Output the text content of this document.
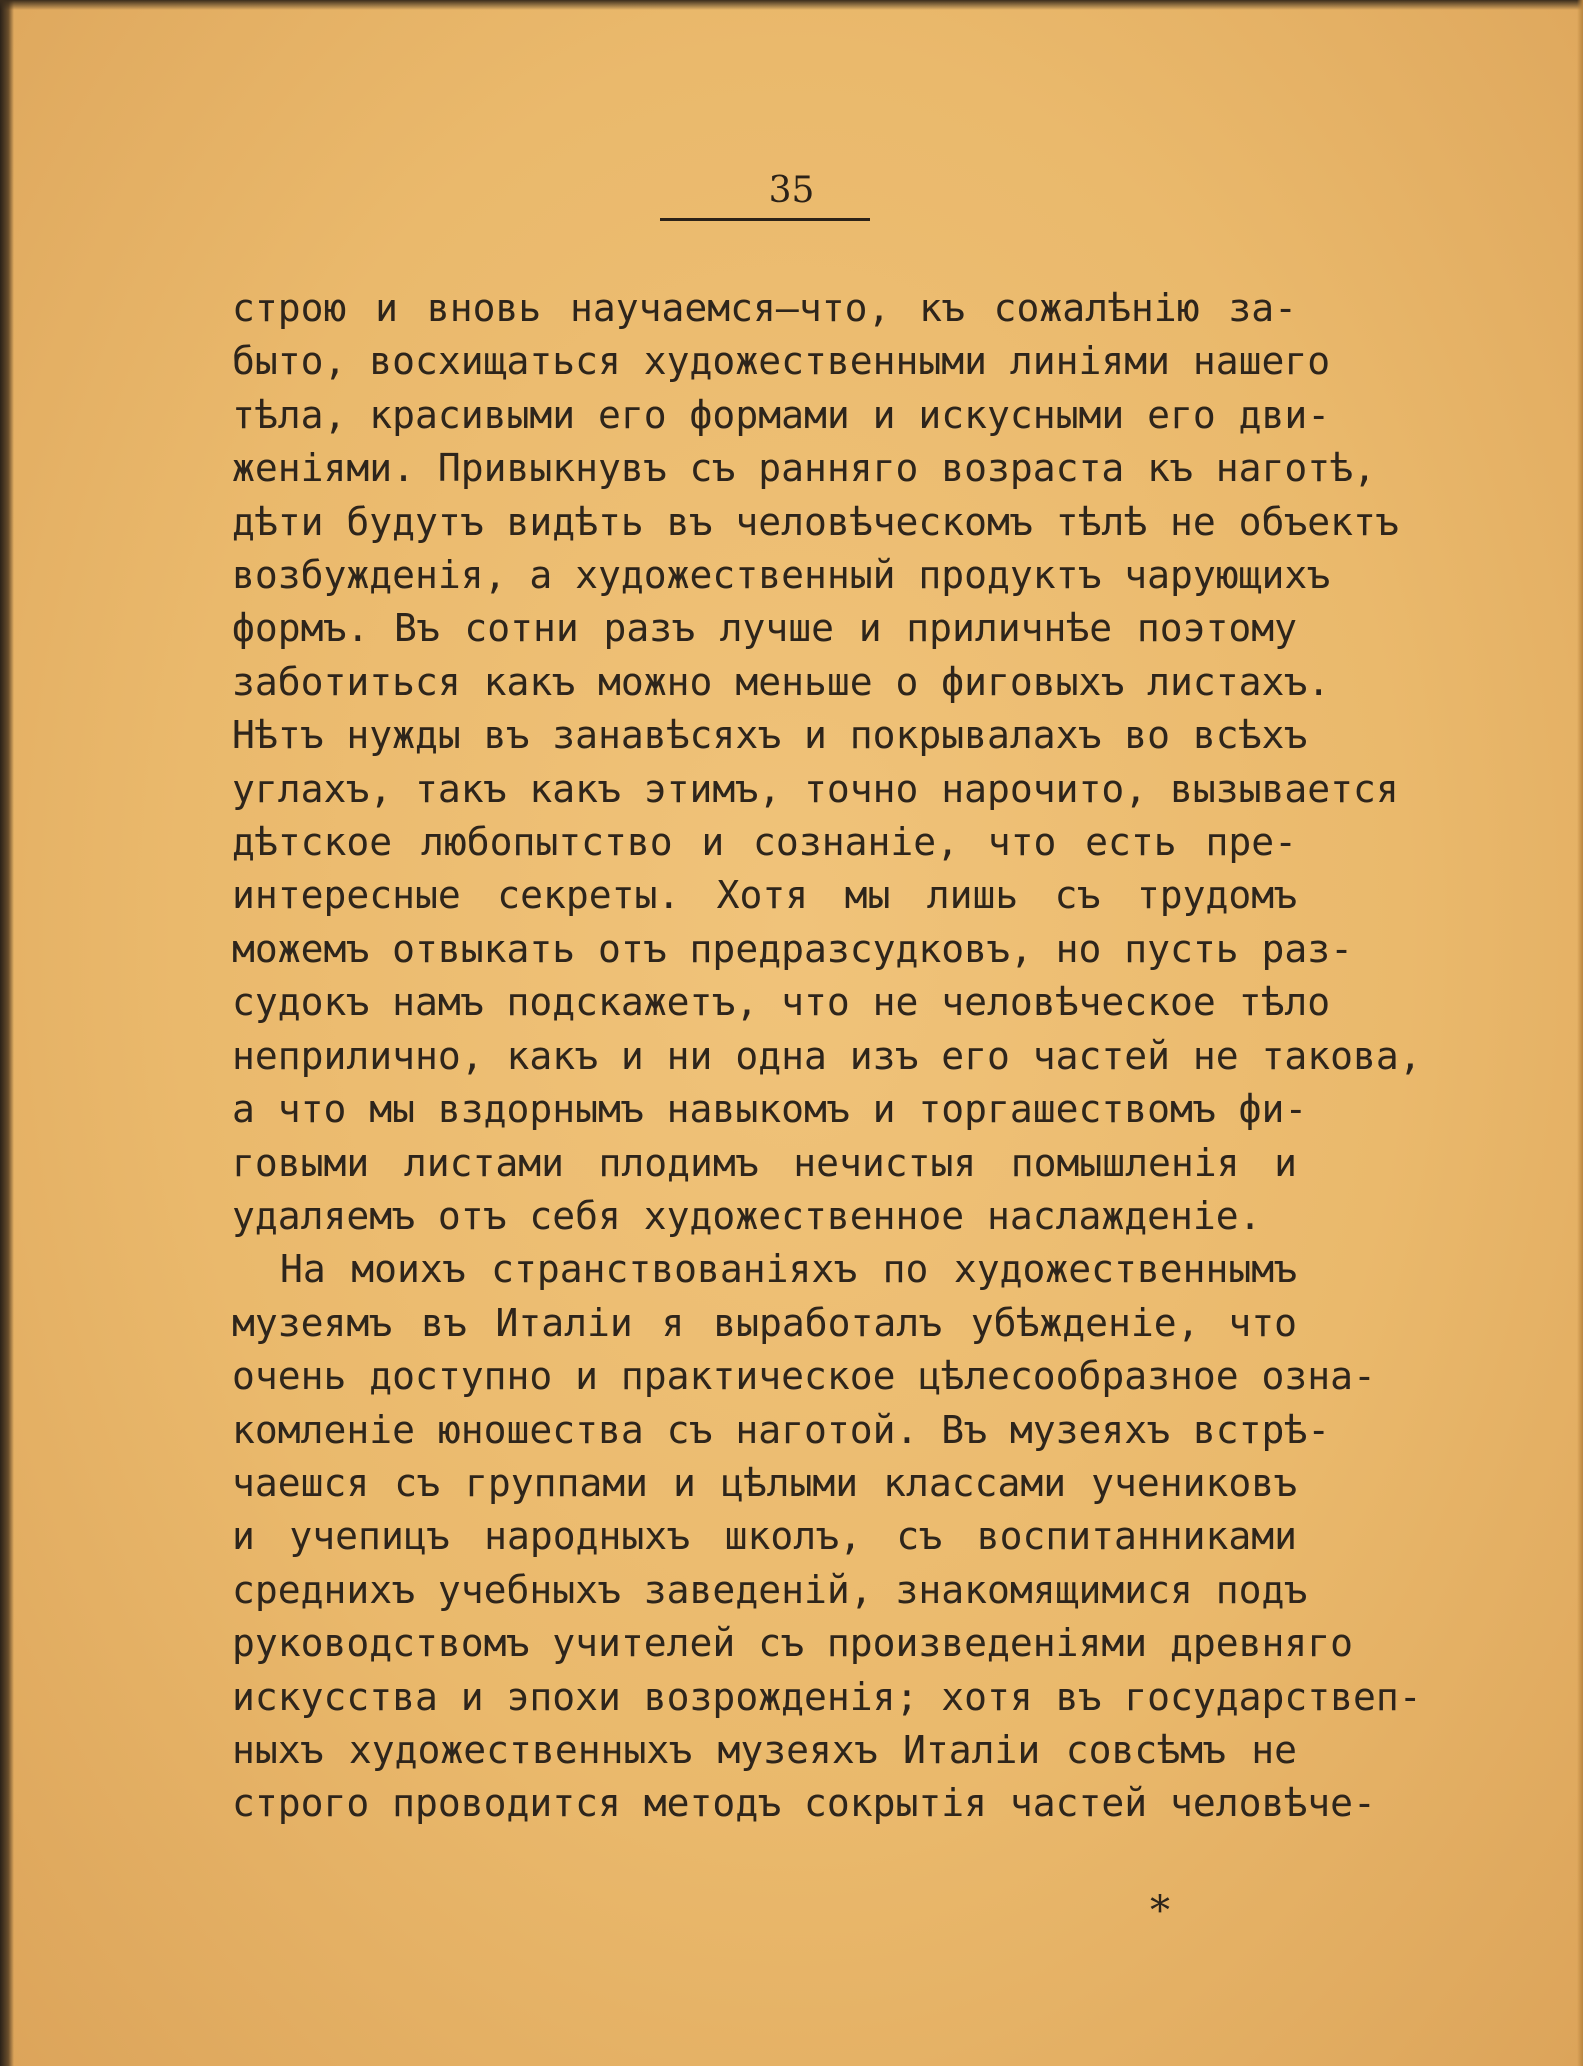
35
строю и вновь научаемся—что, къ сожалѣнію за-
быто, восхищаться художественными линіями нашего
тѣла, красивыми его формами и искусными его дви-
женіями. Привыкнувъ съ ранняго возраста къ наготѣ,
дѣти будутъ видѣть въ человѣческомъ тѣлѣ не объектъ
возбужденія, а художественный продуктъ чарующихъ
формъ. Въ сотни разъ лучше и приличнѣе поэтому
заботиться какъ можно меньше о фиговыхъ листахъ.
Нѣтъ нужды въ занавѣсяхъ и покрывалахъ во всѣхъ
углахъ, такъ какъ этимъ, точно нарочито, вызывается
дѣтское любопытство и сознаніе, что есть пре-
интересные секреты. Хотя мы лишь съ трудомъ
можемъ отвыкать отъ предразсудковъ, но пусть раз-
судокъ намъ подскажетъ, что не человѣческое тѣло
неприлично, какъ и ни одна изъ его частей не такова,
а что мы вздорнымъ навыкомъ и торгашествомъ фи-
говыми листами плодимъ нечистыя помышленія и
удаляемъ отъ себя художественное наслажденіе.
На моихъ странствованіяхъ по художественнымъ
музеямъ въ Италіи я выработалъ убѣжденіе, что
очень доступно и практическое цѣлесообразное озна-
комленіе юношества съ наготой. Въ музеяхъ встрѣ-
чаешся съ группами и цѣлыми классами учениковъ
и учепицъ народныхъ школъ, съ воспитанниками
среднихъ учебныхъ заведеній, знакомящимися подъ
руководствомъ учителей съ произведеніями древняго
искусства и эпохи возрожденія; хотя въ государствеп-
ныхъ художественныхъ музеяхъ Италіи совсѣмъ не
строго проводится методъ сокрытія частей человѣче-
*
